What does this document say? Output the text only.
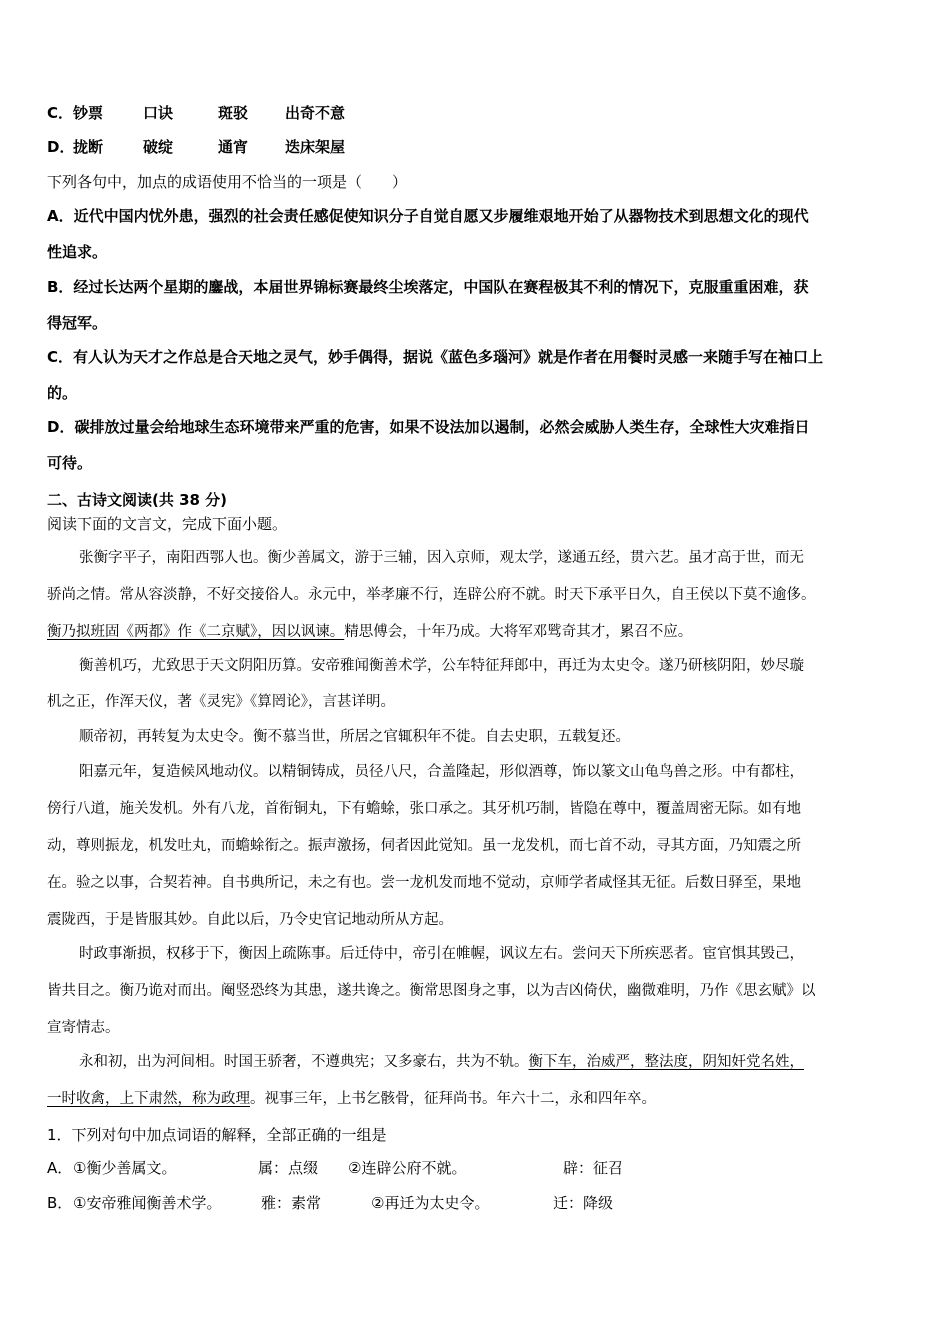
C．钞票	口诀	斑驳 出奇不意
D．拢断	破绽	通宵 迭床架屋
下列各句中，加点的成语使用不恰当的一项是（　　）
A．近代中国内忧外患，强烈的社会责任感促使知识分子自觉自愿又步履维艰地开始了从器物技术到思想文化的现代
性追求。
B．经过长达两个星期的鏖战，本届世界锦标赛最终尘埃落定，中国队在赛程极其不利的情况下，克服重重困难，获
得冠军。
C．有人认为天才之作总是合天地之灵气，妙手偶得，据说《蓝色多瑙河》就是作者在用餐时灵感一来随手写在袖口上
的。
D．碳排放过量会给地球生态环境带来严重的危害，如果不设法加以遏制，必然会威胁人类生存，全球性大灾难指日
可待。
二、古诗文阅读(共 38 分)
阅读下面的文言文，完成下面小题。
张衡字平子，南阳西鄂人也。衡少善属文，游于三辅，因入京师，观太学，遂通五经，贯六艺。虽才高于世，而无
骄尚之情。常从容淡静，不好交接俗人。永元中，举孝廉不行，连辟公府不就。时天下承平日久，自王侯以下莫不逾侈。
衡乃拟班固《两都》作《二京赋》，因以讽谏。精思傅会，十年乃成。大将军邓骘奇其才，累召不应。
衡善机巧，尤致思于天文阴阳历算。安帝雅闻衡善术学，公车特征拜郎中，再迁为太史令。遂乃研核阴阳，妙尽璇
机之正，作浑天仪，著《灵宪》《算罔论》，言甚详明。
顺帝初，再转复为太史令。衡不慕当世，所居之官辄积年不徙。自去史职，五载复还。
阳嘉元年，复造候风地动仪。以精铜铸成，员径八尺，合盖隆起，形似酒尊，饰以篆文山龟鸟兽之形。中有都柱，
傍行八道，施关发机。外有八龙，首衔铜丸，下有蟾蜍，张口承之。其牙机巧制，皆隐在尊中，覆盖周密无际。如有地
动，尊则振龙，机发吐丸，而蟾蜍衔之。振声激扬，伺者因此觉知。虽一龙发机，而七首不动，寻其方面，乃知震之所
在。验之以事，合契若神。自书典所记，未之有也。尝一龙机发而地不觉动，京师学者咸怪其无征。后数日驿至，果地
震陇西，于是皆服其妙。自此以后，乃令史官记地动所从方起。
时政事渐损，权移于下，衡因上疏陈事。后迁侍中，帝引在帷幄，讽议左右。尝问天下所疾恶者。宦官惧其毁己，
皆共目之。衡乃诡对而出。阉竖恐终为其患，遂共谗之。衡常思图身之事，以为吉凶倚伏，幽微难明，乃作《思玄赋》以
宣寄情志。
永和初，出为河间相。时国王骄奢，不遵典宪；又多豪右，共为不轨。衡下车，治威严，整法度，阴知奸党名姓，
一时收禽，上下肃然，称为政理。视事三年，上书乞骸骨，征拜尚书。年六十二，永和四年卒。
1．下列对句中加点词语的解释，全部正确的一组是
A．①衡少善属文。	属：点缀 ②连辟公府不就。	辟：征召
B．①安帝雅闻衡善术学。	雅：素常	②再迁为太史令。	迁：降级
